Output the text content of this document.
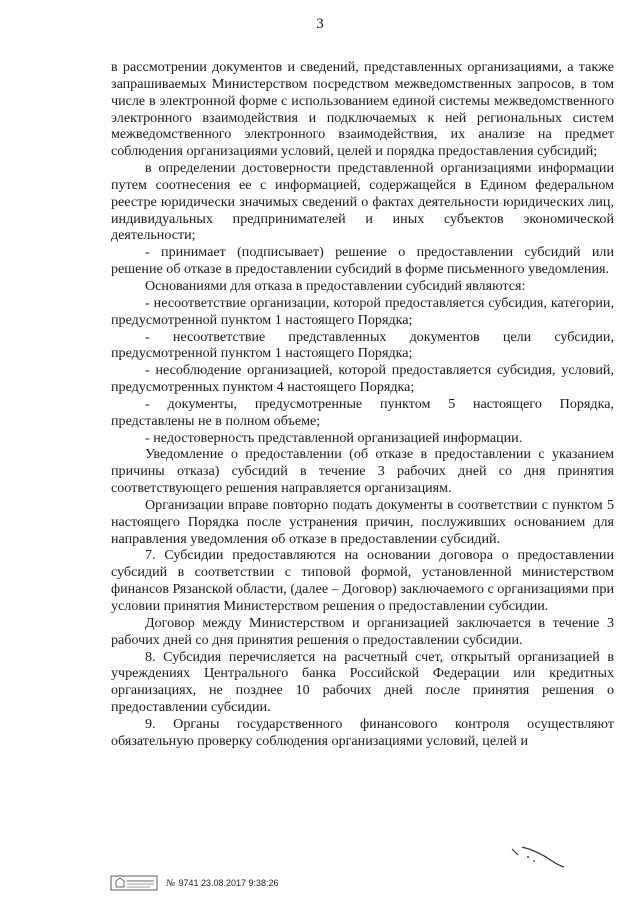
3

в рассмотрении документов и сведений, представленных организациями, а также запрашиваемых Министерством посредством межведомственных запросов, в том числе в электронной форме с использованием единой системы межведомственного электронного взаимодействия и подключаемых к ней региональных систем межведомственного электронного взаимодействия, их анализе на предмет соблюдения организациями условий, целей и порядка предоставления субсидий;

в определении достоверности представленной организациями информации путем соотнесения ее с информацией, содержащейся в Едином федеральном реестре юридически значимых сведений о фактах деятельности юридических лиц, индивидуальных предпринимателей и иных субъектов экономической деятельности;

- принимает (подписывает) решение о предоставлении субсидий или решение об отказе в предоставлении субсидий в форме письменного уведомления.

Основаниями для отказа в предоставлении субсидий являются:

- несоответствие организации, которой предоставляется субсидия, категории, предусмотренной пунктом 1 настоящего Порядка;

- несоответствие представленных документов цели субсидии, предусмотренной пунктом 1 настоящего Порядка;

- несоблюдение организацией, которой предоставляется субсидия, условий, предусмотренных пунктом 4 настоящего Порядка;

- документы, предусмотренные пунктом 5 настоящего Порядка, представлены не в полном объеме;

- недостоверность представленной организацией информации.

Уведомление о предоставлении (об отказе в предоставлении с указанием причины отказа) субсидий в течение 3 рабочих дней со дня принятия соответствующего решения направляется организациям.

Организации вправе повторно подать документы в соответствии с пунктом 5 настоящего Порядка после устранения причин, послуживших основанием для направления уведомления об отказе в предоставлении субсидий.

7. Субсидии предоставляются на основании договора о предоставлении субсидий в соответствии с типовой формой, установленной министерством финансов Рязанской области, (далее – Договор) заключаемого с организациями при условии принятия Министерством решения о предоставлении субсидии.

Договор между Министерством и организацией заключается в течение 3 рабочих дней со дня принятия решения о предоставлении субсидии.

8. Субсидия перечисляется на расчетный счет, открытый организацией в учреждениях Центрального банка Российской Федерации или кредитных организациях, не позднее 10 рабочих дней после принятия решения о предоставлении субсидии.

9. Органы государственного финансового контроля осуществляют обязательную проверку соблюдения организациями условий, целей и

№ 9741 23.08.2017 9:38:26
